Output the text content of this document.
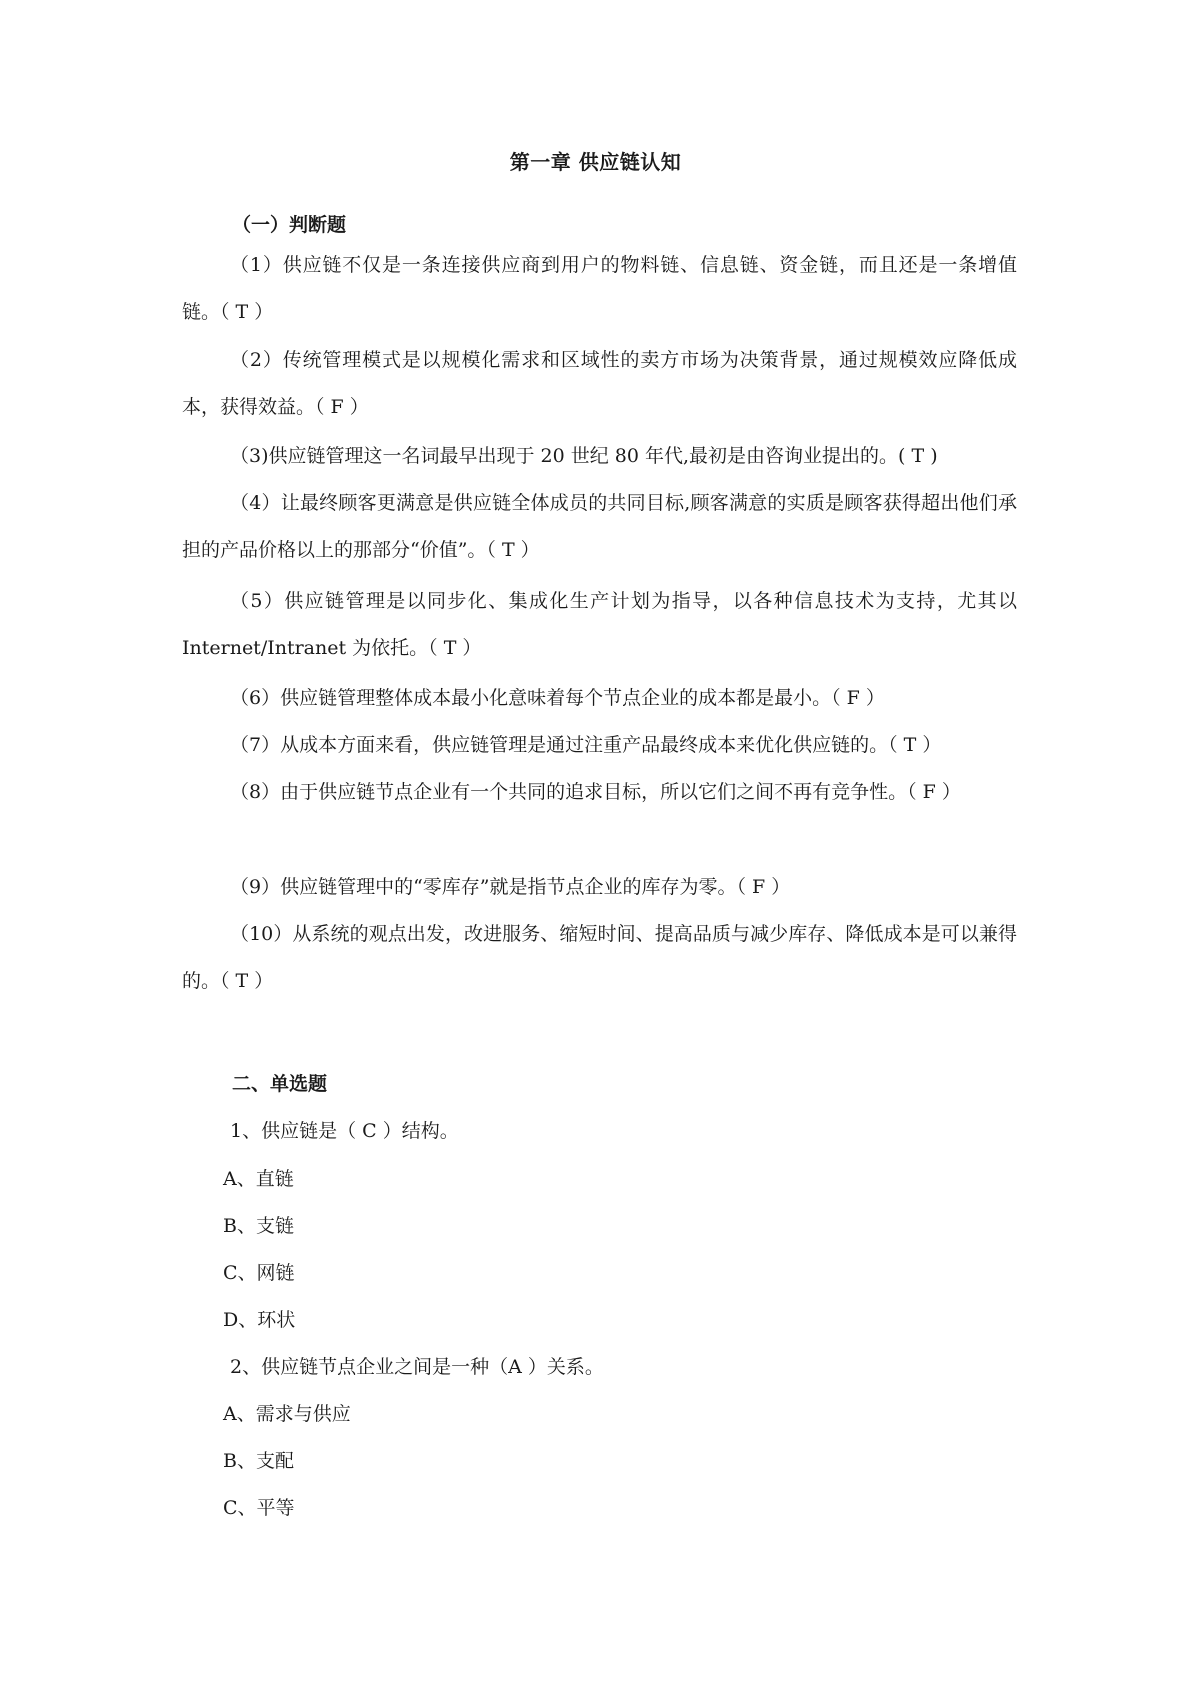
第一章 供应链认知
（一）判断题
（1）供应链不仅是一条连接供应商到用户的物料链、信息链、资金链，而且还是一条增值链。（ T ）
（2）传统管理模式是以规模化需求和区域性的卖方市场为决策背景，通过规模效应降低成本，获得效益。（ F ）
（3)供应链管理这一名词最早出现于 20 世纪 80 年代,最初是由咨询业提出的。( T )
（4）让最终顾客更满意是供应链全体成员的共同目标,顾客满意的实质是顾客获得超出他们承担的产品价格以上的那部分“价值”。（ T ）
（5）供应链管理是以同步化、集成化生产计划为指导，以各种信息技术为支持，尤其以 Internet/Intranet 为依托。（ T ）
（6）供应链管理整体成本最小化意味着每个节点企业的成本都是最小。（ F ）
（7）从成本方面来看，供应链管理是通过注重产品最终成本来优化供应链的。（ T ）
（8）由于供应链节点企业有一个共同的追求目标，所以它们之间不再有竞争性。（ F ）
（9）供应链管理中的“零库存”就是指节点企业的库存为零。（ F ）
（10）从系统的观点出发，改进服务、缩短时间、提高品质与减少库存、降低成本是可以兼得的。（ T ）
二、单选题
1、供应链是（ C ）结构。
A、直链
B、支链
C、网链
D、环状
2、供应链节点企业之间是一种（A ）关系。
A、需求与供应
B、支配
C、平等
